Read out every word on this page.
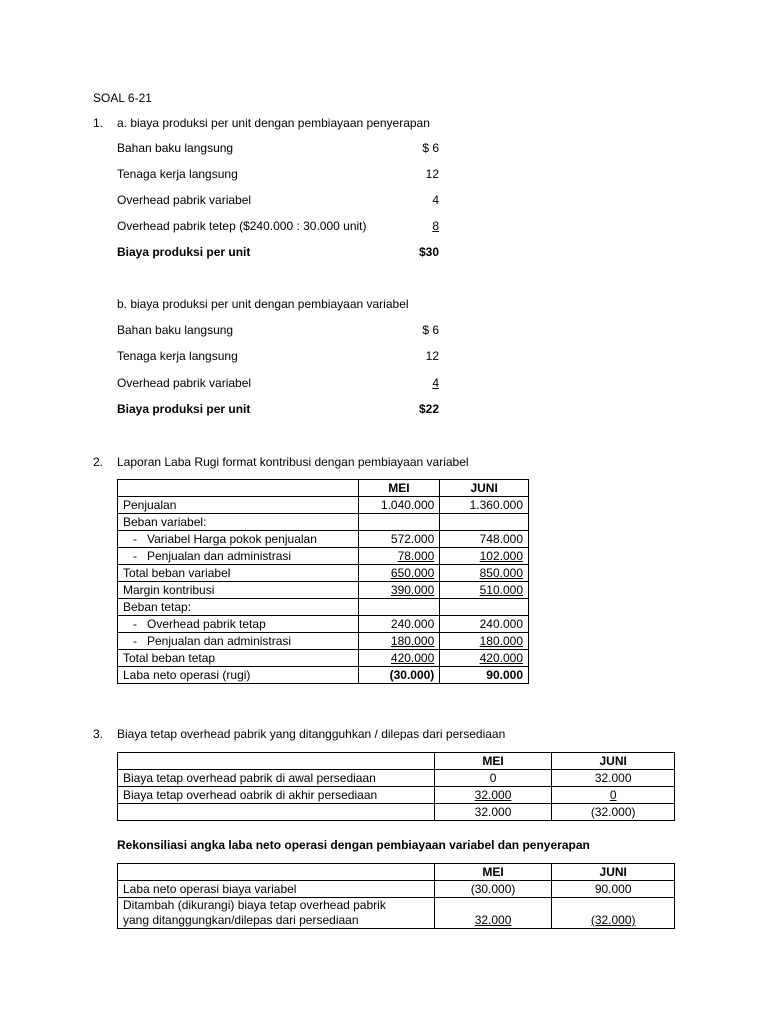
SOAL 6-21
1. a. biaya produksi per unit dengan pembiayaan penyerapan
Bahan baku langsung	$ 6
Tenaga kerja langsung	12
Overhead pabrik variabel	4
Overhead pabrik tetep ($240.000 : 30.000 unit)	8
Biaya produksi per unit	$30
b. biaya produksi per unit dengan pembiayaan variabel
Bahan baku langsung	$ 6
Tenaga kerja langsung	12
Overhead pabrik variabel	4
Biaya produksi per unit	$22
2. Laporan Laba Rugi format kontribusi dengan pembiayaan variabel
	MEI	JUNI
Penjualan	1.040.000	1.360.000
Beban variabel:		
- Variabel Harga pokok penjualan	572.000	748.000
- Penjualan dan administrasi	78.000	102.000
Total beban variabel	650.000	850.000
Margin kontribusi	390.000	510.000
Beban tetap:		
- Overhead pabrik tetap	240.000	240.000
- Penjualan dan administrasi	180.000	180.000
Total beban tetap	420.000	420.000
Laba neto operasi (rugi)	(30.000)	90.000
3. Biaya tetap overhead pabrik yang ditangguhkan / dilepas dari persediaan
	MEI	JUNI
Biaya tetap overhead pabrik di awal persediaan	0	32.000
Biaya tetap overhead oabrik di akhir persediaan	32.000	0
	32.000	(32.000)
Rekonsiliasi angka laba neto operasi dengan pembiayaan variabel dan penyerapan
	MEI	JUNI
Laba neto operasi biaya variabel	(30.000)	90.000

Ditambah (dikurangi) biaya tetap overhead pabrik
yang ditanggungkan/dilepas dari persediaan	32.000	(32.000)
